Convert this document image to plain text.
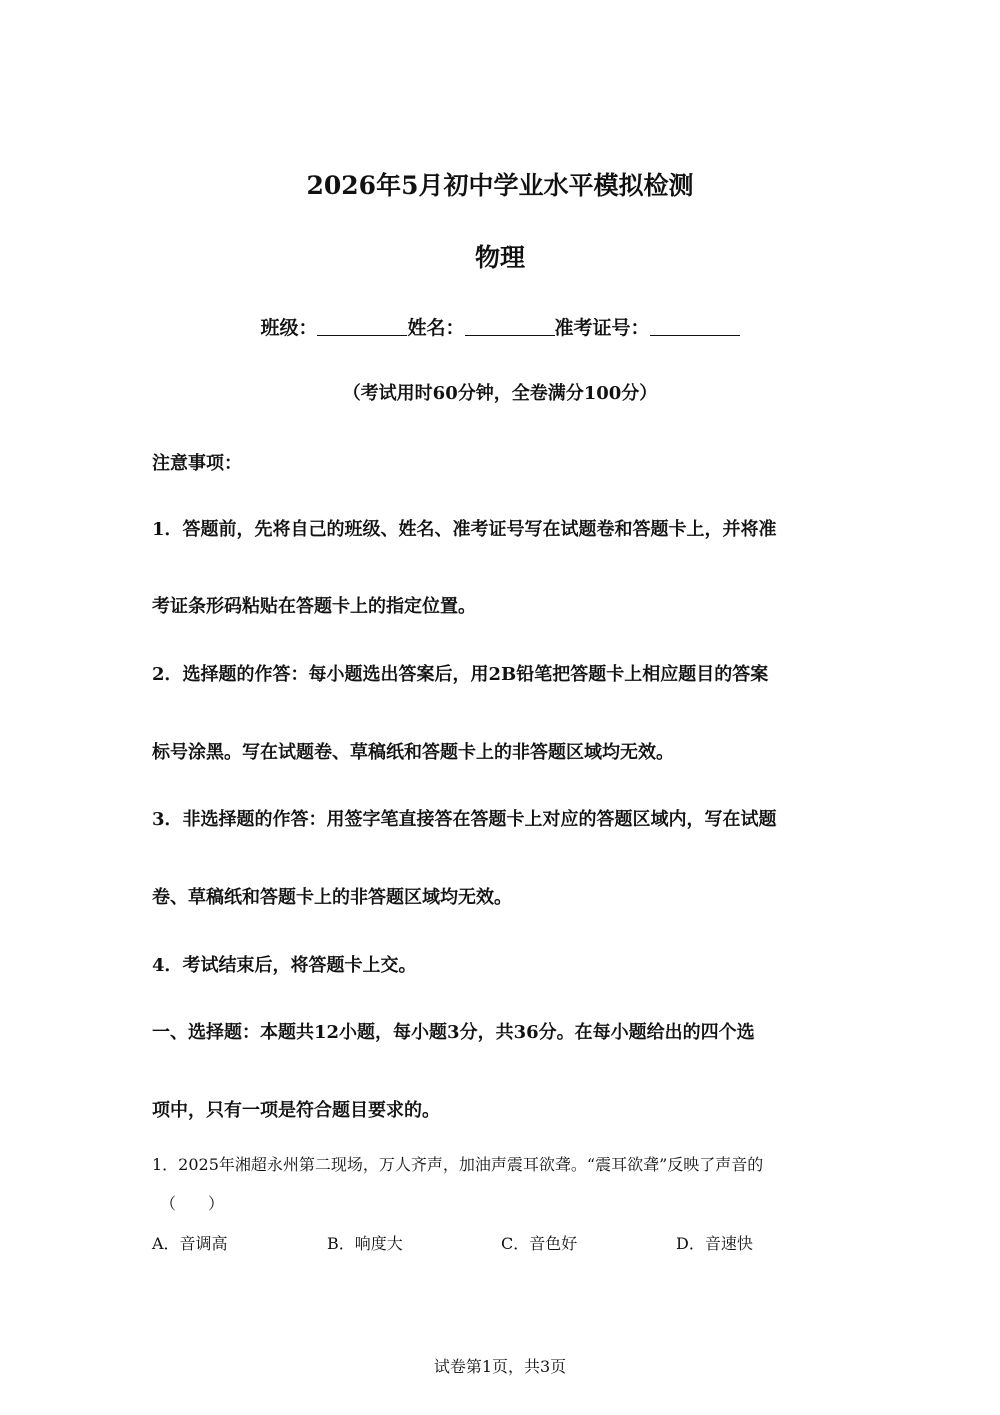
2026年5月初中学业水平模拟检测
物理
班级：	姓名：	准考证号：
（考试用时60分钟，全卷满分100分）
注意事项：
1．答题前，先将自己的班级、姓名、准考证号写在试题卷和答题卡上，并将准
考证条形码粘贴在答题卡上的指定位置。
2．选择题的作答：每小题选出答案后，用2B铅笔把答题卡上相应题目的答案
标号涂黑。写在试题卷、草稿纸和答题卡上的非答题区域均无效。
3．非选择题的作答：用签字笔直接答在答题卡上对应的答题区域内，写在试题
卷、草稿纸和答题卡上的非答题区域均无效。
4．考试结束后，将答题卡上交。
一、选择题：本题共12小题，每小题3分，共36分。在每小题给出的四个选
项中，只有一项是符合题目要求的。
1．2025年湘超永州第二现场，万人齐声，加油声震耳欲聋。“震耳欲聋”反映了声音的
（　　）
A．音调高	B．响度大	C．音色好	D．音速快
试卷第1页，共3页
